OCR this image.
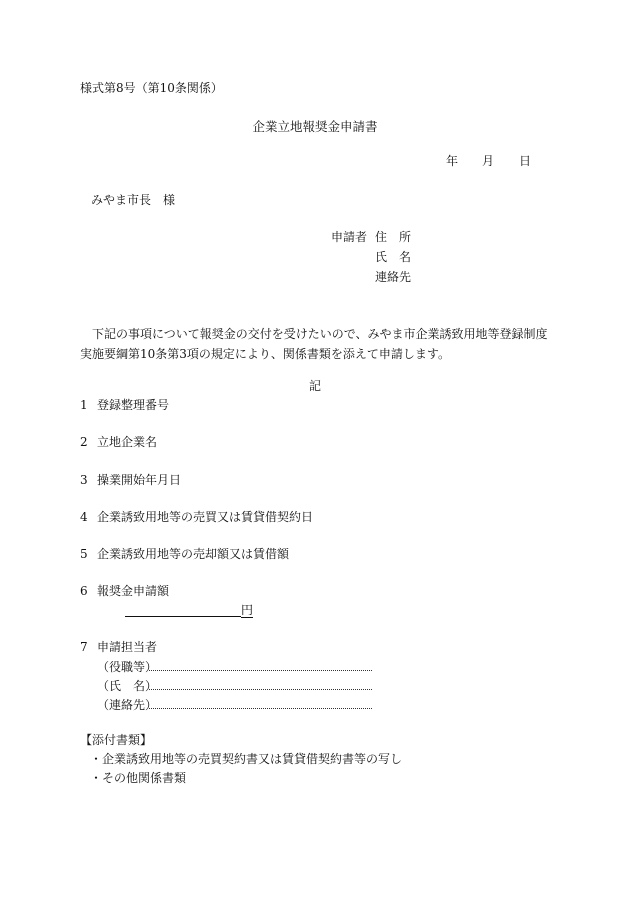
様式第8号（第10条関係）
企業立地報奨金申請書
年 月 日
みやま市長　様
申請者 住　所
氏　名
連絡先

下記の事項について報奨金の交付を受けたいので、みやま市企業誘致用地等登録制度実施要綱第10条第3項の規定により、関係書類を添えて申請します。

記
1 登録整理番号
2 立地企業名
3 操業開始年月日
4 企業誘致用地等の売買又は賃貸借契約日
5 企業誘致用地等の売却額又は賃借額
6 報奨金申請額
円
7 申請担当者
（役職等）
（氏　名）
（連絡先）
【添付書類】
・企業誘致用地等の売買契約書又は賃貸借契約書等の写し
・その他関係書類
